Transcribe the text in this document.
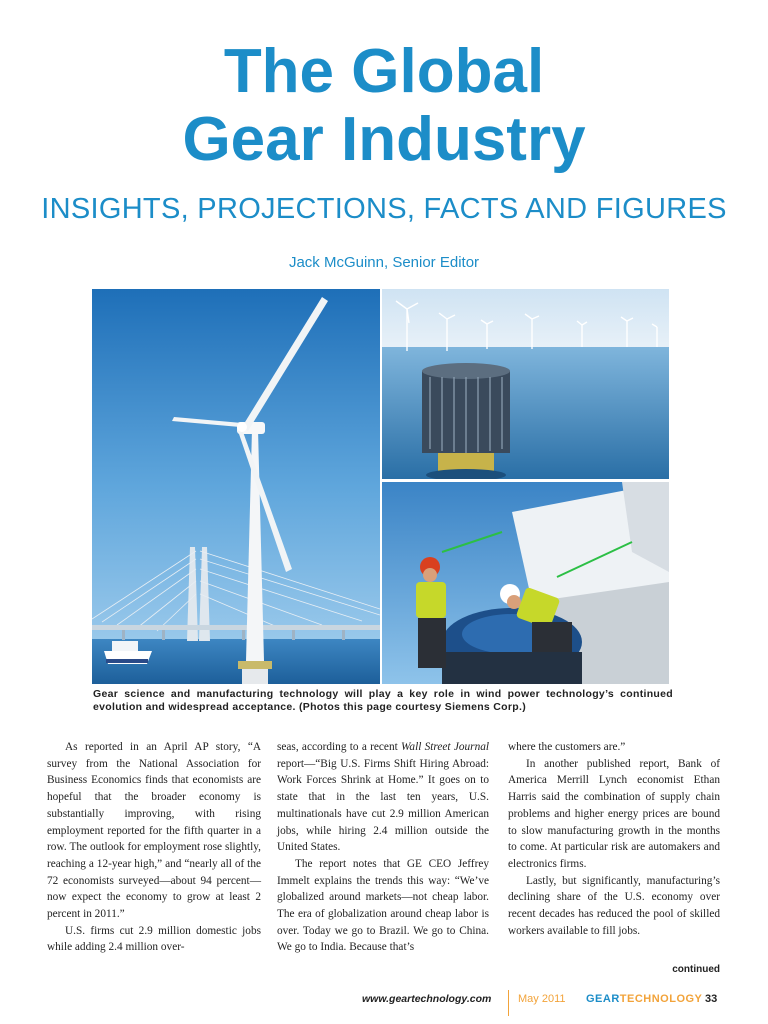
The Global
Gear Industry
INSIGHTS, PROJECTIONS, FACTS AND FIGURES
Jack McGuinn, Senior Editor
Gear science and manufacturing technology will play a key role in wind power technology’s continued evolution and widespread acceptance. (Photos this page courtesy Siemens Corp.)

As reported in an April AP story, “A survey from the National Association for Business Economics finds that economists are hopeful that the broader economy is substantially improving, with rising employment reported for the fifth quarter in a row. The outlook for employment rose slightly, reaching a 12-year high,” and “nearly all of the 72 economists surveyed—about 94 percent—now expect the economy to grow at least 2 percent in 2011.”

U.S. firms cut 2.9 million domestic jobs while adding 2.4 million over-

seas, according to a recent Wall Street Journal report—“Big U.S. Firms Shift Hiring Abroad: Work Forces Shrink at Home.” It goes on to state that in the last ten years, U.S. multinationals have cut 2.9 million American jobs, while hiring 2.4 million outside the United States.

The report notes that GE CEO Jeffrey Immelt explains the trends this way: “We’ve globalized around markets—not cheap labor. The era of globalization around cheap labor is over. Today we go to Brazil. We go to China. We go to India. Because that’s

where the customers are.”

In another published report, Bank of America Merrill Lynch economist Ethan Harris said the combination of supply chain problems and higher energy prices are bound to slow manufacturing growth in the months to come. At particular risk are automakers and electronics firms.

Lastly, but significantly, manufacturing’s declining share of the U.S. economy over recent decades has reduced the pool of skilled workers available to fill jobs.

continued
www.geartechnology.com May 2011 GEARTECHNOLOGY 33
